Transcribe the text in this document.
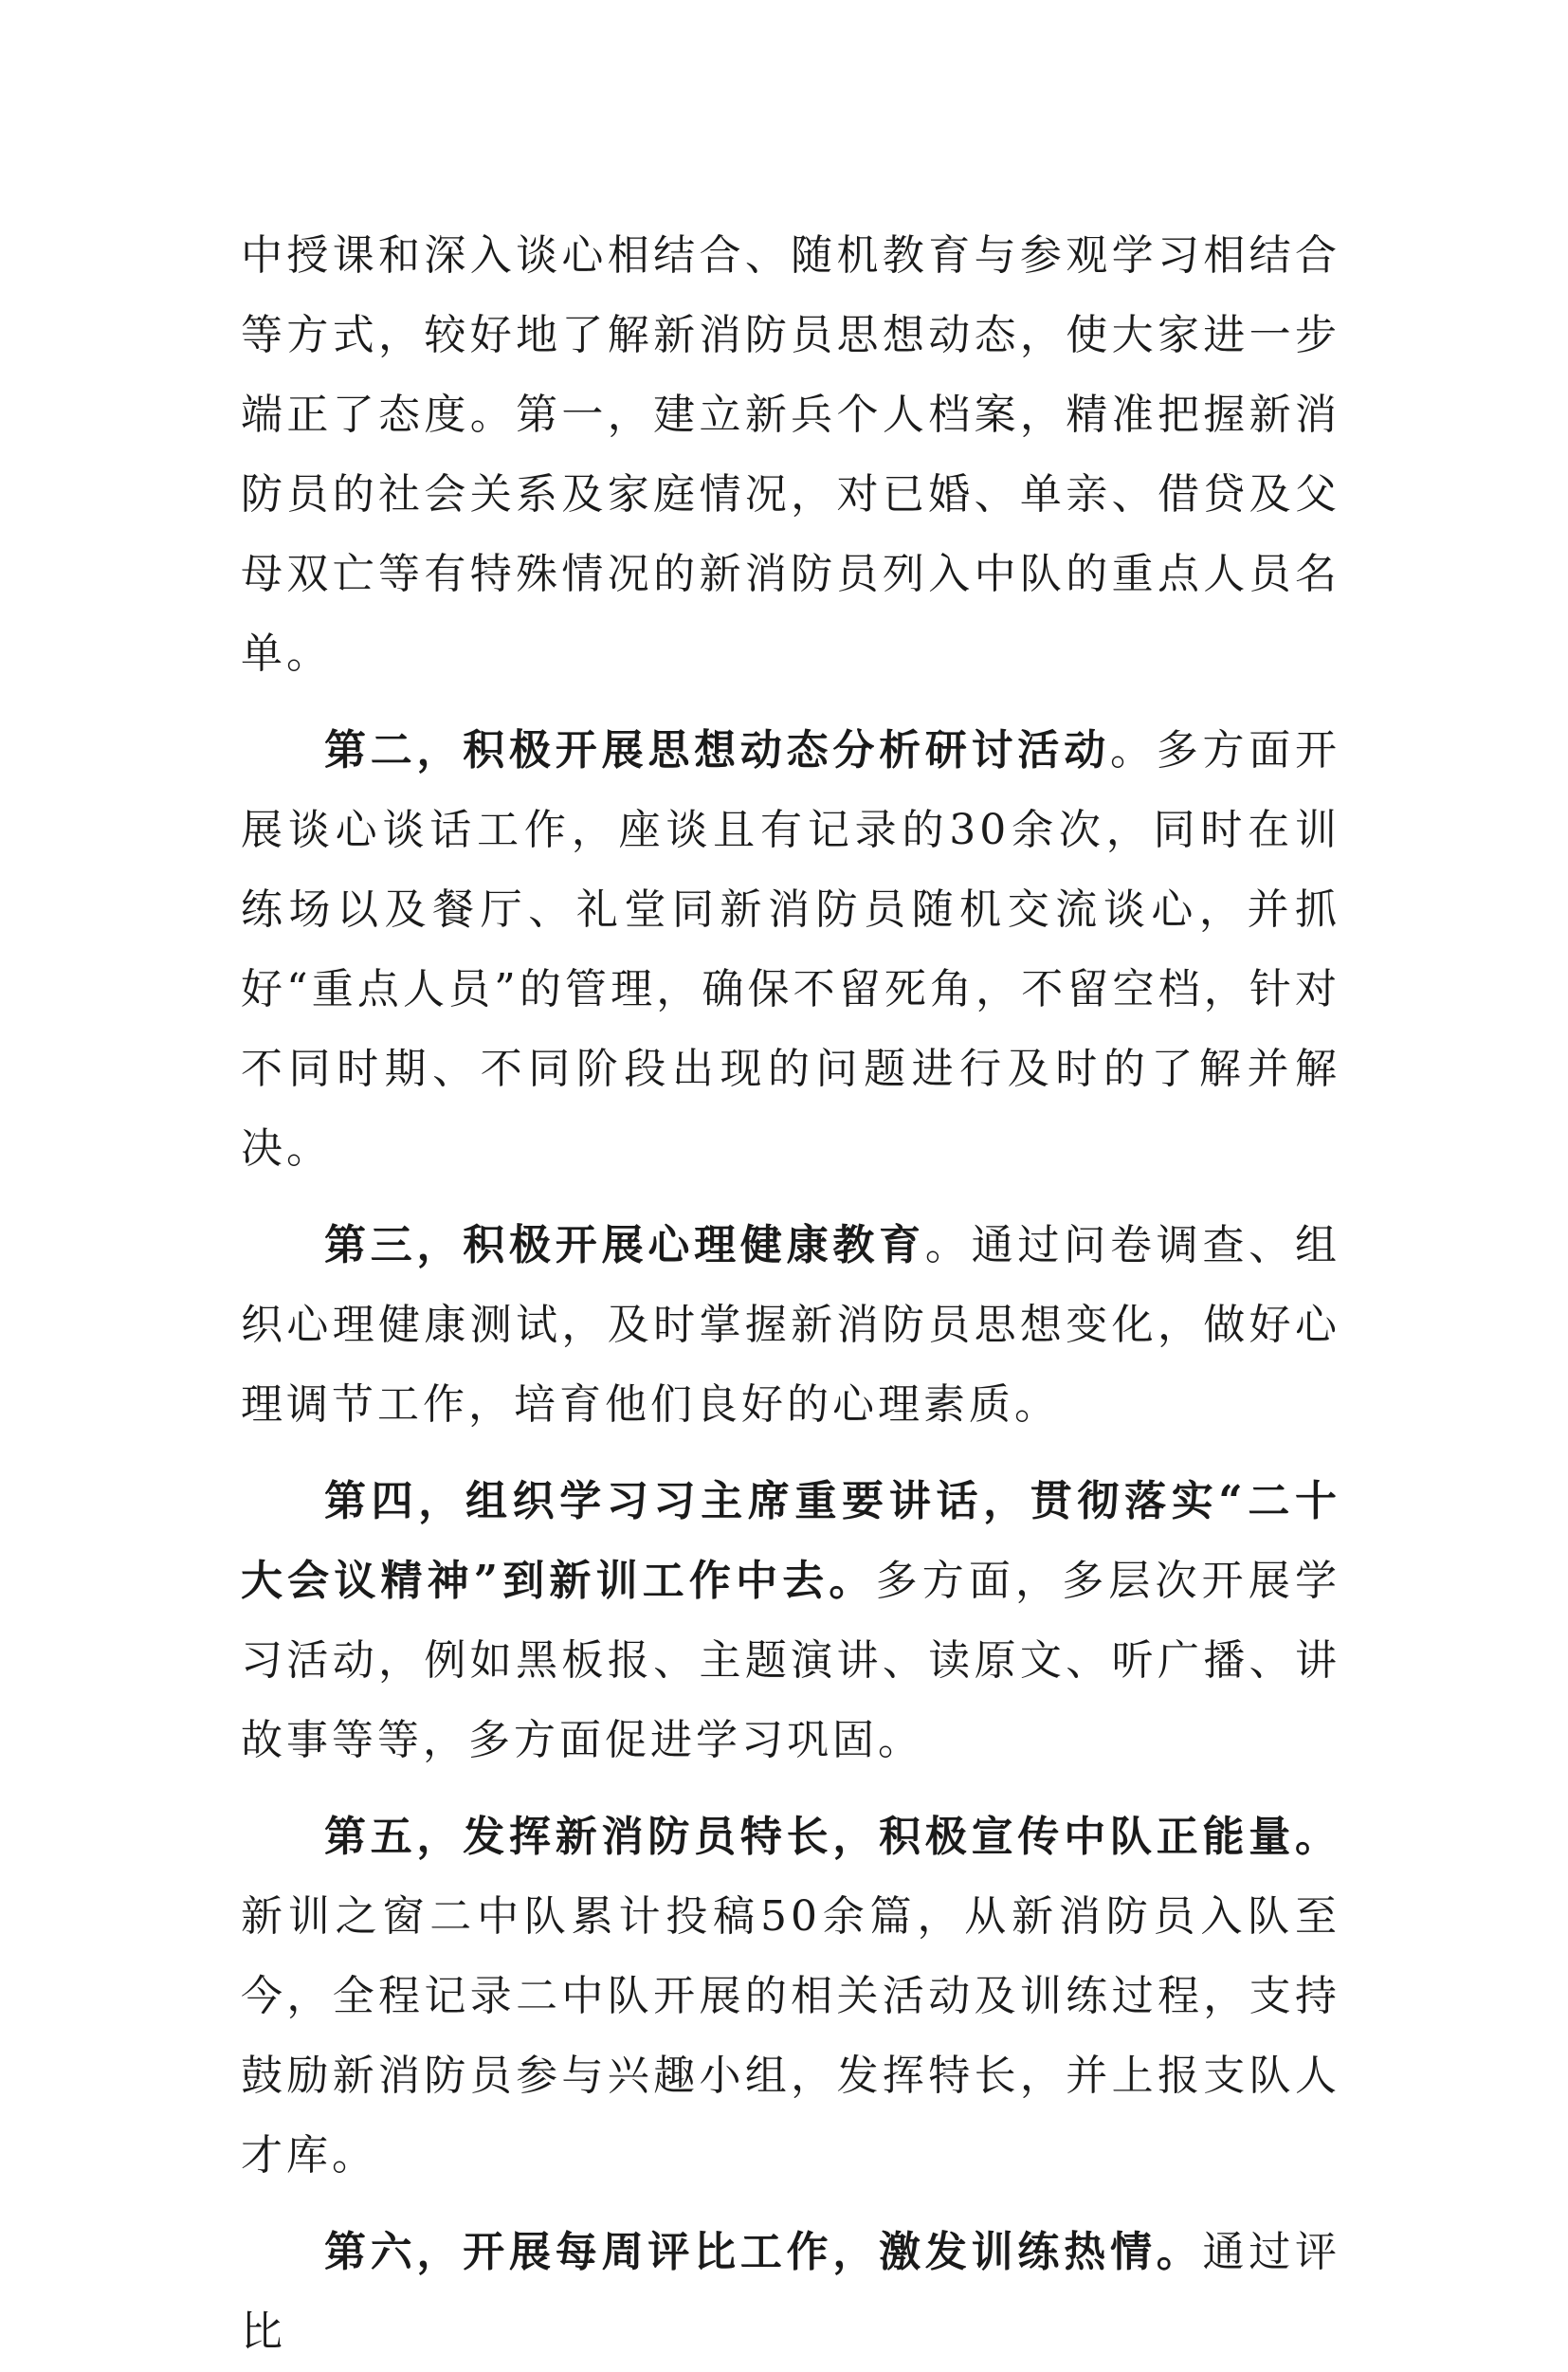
中授课和深入谈心相结合、随机教育与参观学习相结合等方式，较好地了解新消防员思想动态，使大家进一步端正了态度。第一，建立新兵个人档案，精准把握新消防员的社会关系及家庭情况，对已婚、单亲、借贷及父母双亡等有特殊情况的新消防员列入中队的重点人员名单。

第二，积极开展思想动态分析研讨活动。多方面开展谈心谈话工作，座谈且有记录的30余次，同时在训练场以及餐厅、礼堂同新消防员随机交流谈心，并抓好“重点人员”的管理，确保不留死角，不留空档，针对不同时期、不同阶段出现的问题进行及时的了解并解决。

第三，积极开展心理健康教育。通过问卷调查、组织心理健康测试，及时掌握新消防员思想变化，做好心理调节工作，培育他们良好的心理素质。

第四，组织学习习主席重要讲话，贯彻落实“二十大会议精神”到新训工作中去。多方面，多层次开展学习活动，例如黑板报、主题演讲、读原文、听广播、讲故事等等，多方面促进学习巩固。

第五，发挥新消防员特长，积极宣传中队正能量。新训之窗二中队累计投稿50余篇，从新消防员入队至今，全程记录二中队开展的相关活动及训练过程，支持鼓励新消防员参与兴趣小组，发挥特长，并上报支队人才库。

第六，开展每周评比工作，激发训练热情。通过评比
